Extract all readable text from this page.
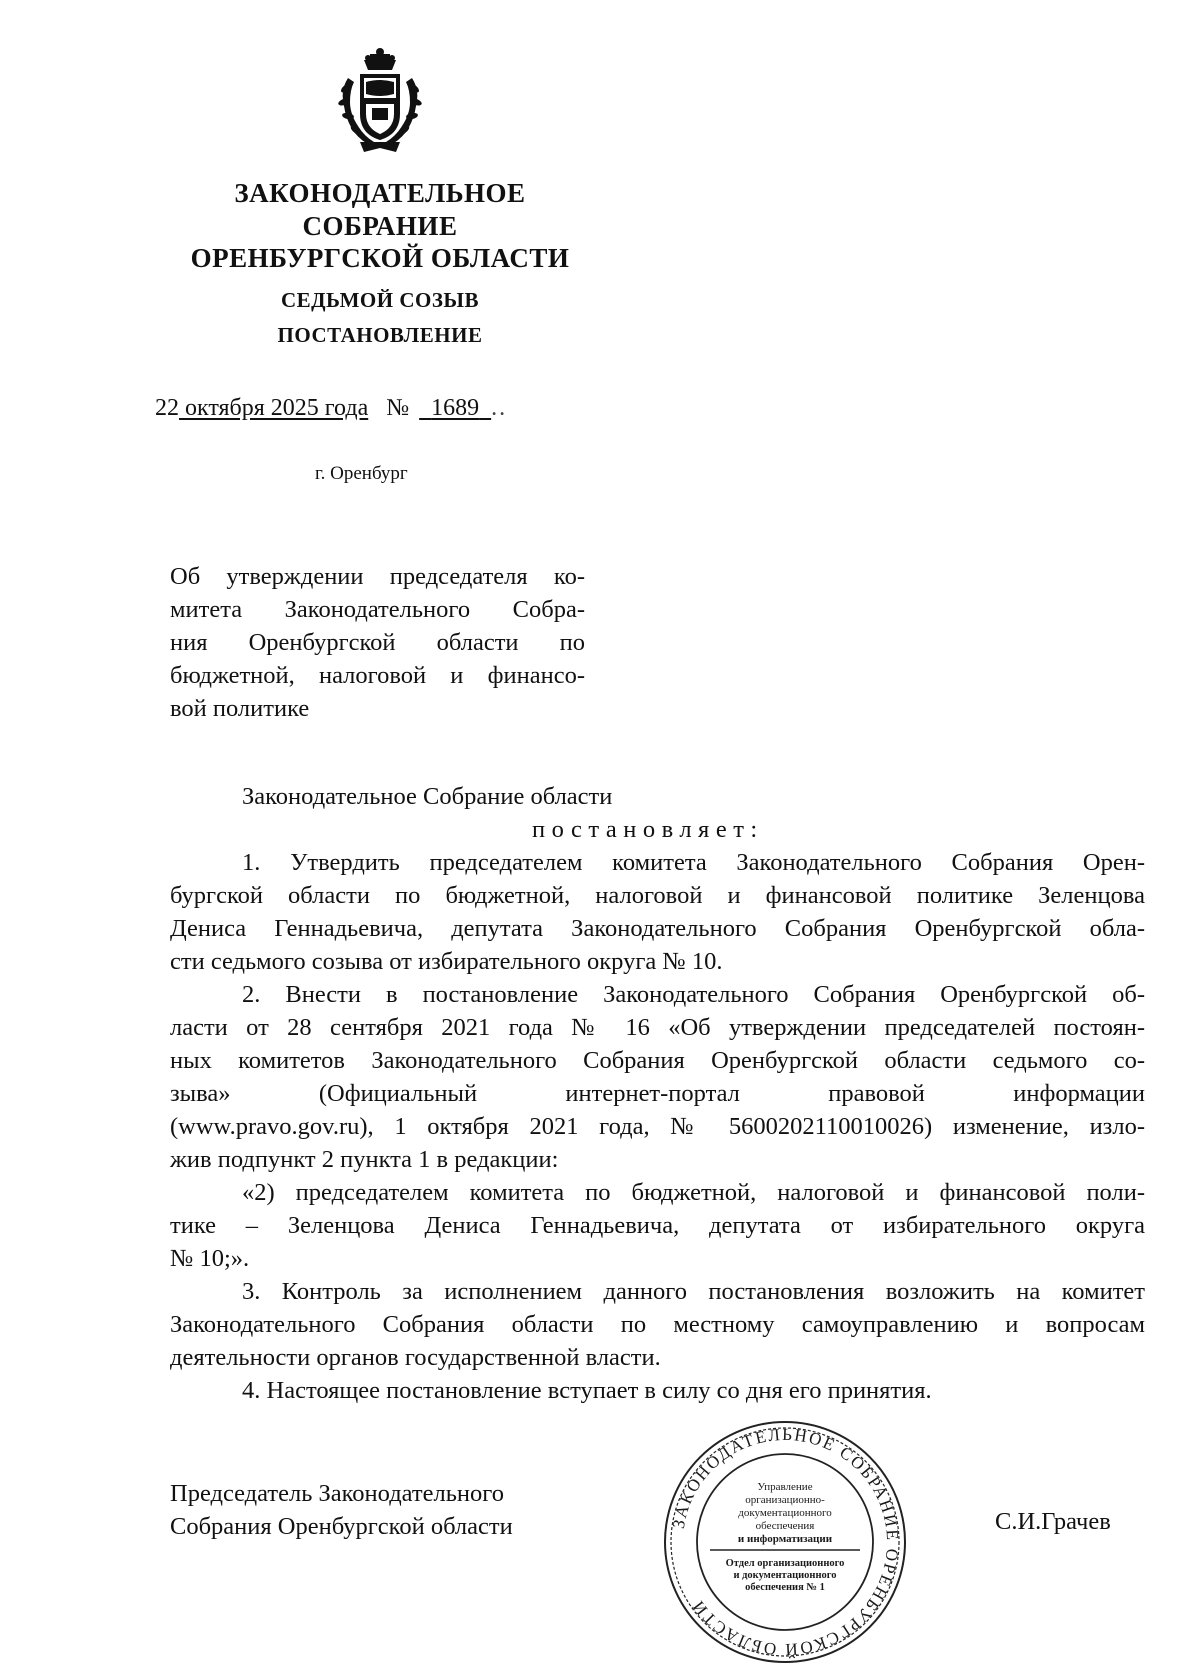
ЗАКОНОДАТЕЛЬНОЕ
СОБРАНИЕ
ОРЕНБУРГСКОЙ ОБЛАСТИ
СЕДЬМОЙ СОЗЫВ
ПОСТАНОВЛЕНИЕ
22 октября 2025 года № 1689 ..
г. Оренбург
Об утверждении председателя ко-
митета Законодательного Собра-
ния Оренбургской области по
бюджетной, налоговой и финансо-
вой политике
Законодательное Собрание области
постановляет:
1. Утвердить председателем комитета Законодательного Собрания Орен-
бургской области по бюджетной, налоговой и финансовой политике Зеленцова
Дениса Геннадьевича, депутата Законодательного Собрания Оренбургской обла-
сти седьмого созыва от избирательного округа № 10.
2. Внести в постановление Законодательного Собрания Оренбургской об-
ласти от 28 сентября 2021 года № 16 «Об утверждении председателей постоян-
ных комитетов Законодательного Собрания Оренбургской области седьмого со-
зыва» (Официальный интернет-портал правовой информации
(www.pravo.gov.ru), 1 октября 2021 года, № 5600202110010026) изменение, изло-
жив подпункт 2 пункта 1 в редакции:
«2) председателем комитета по бюджетной, налоговой и финансовой поли-
тике – Зеленцова Дениса Геннадьевича, депутата от избирательного округа
№ 10;».
3. Контроль за исполнением данного постановления возложить на комитет
Законодательного Собрания области по местному самоуправлению и вопросам
деятельности органов государственной власти.
4. Настоящее постановление вступает в силу со дня его принятия.
Председатель Законодательного
Собрания Оренбургской области	С.И.Грачев
ЗАКОНОДАТЕЛЬНОЕ СОБРАНИЕ ОРЕНБУРГСКОЙ ОБЛАСТИ
Управление
организационно-
документационного
обеспечения
и информатизации
Отдел организационного
и документационного
обеспечения № 1
